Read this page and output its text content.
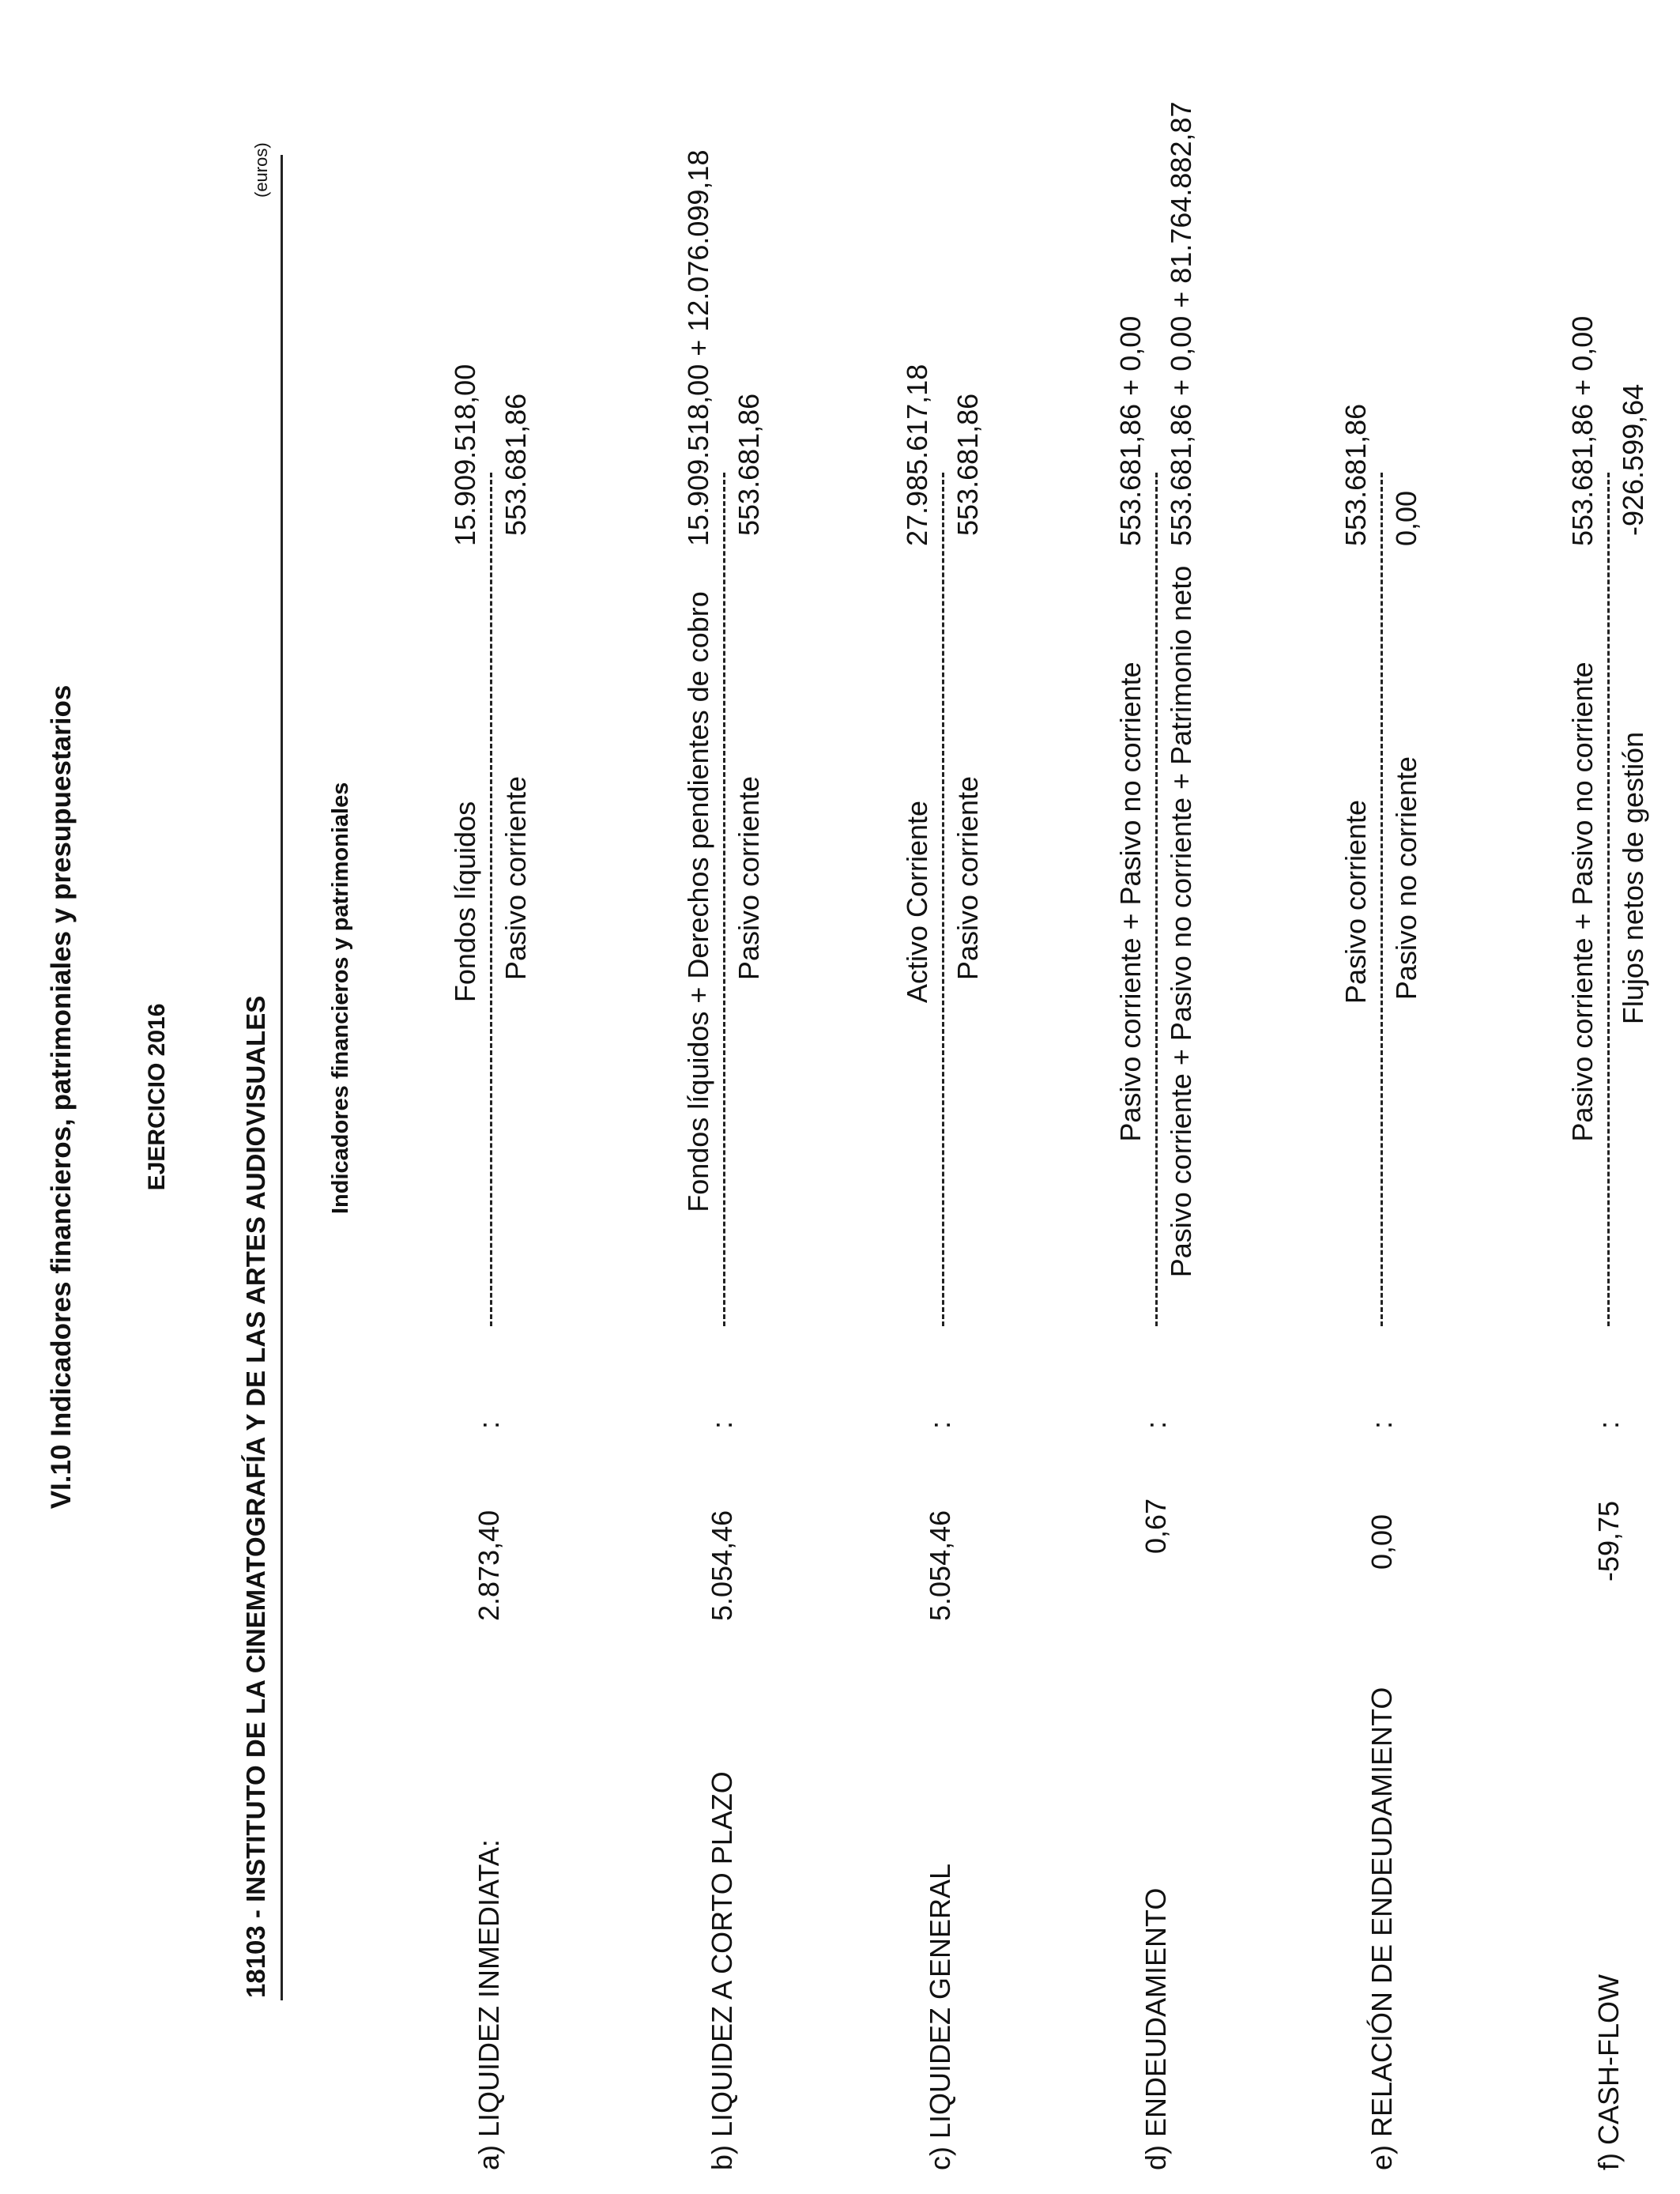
VI.10 Indicadores financieros, patrimoniales y presupuestarios	EJERCICIO 2016	18103 - INSTITUTO DE LA CINEMATOGRAFÍA Y DE LAS ARTES AUDIOVISUALES
(euros)
Indicadores financieros y patrimoniales
a) LIQUIDEZ INMEDIATA:
2.873,40
:
Fondos líquidos Pasivo corriente
15.909.518,00 553.681,86
b) LIQUIDEZ A CORTO PLAZO
5.054,46
:
Fondos líquidos + Derechos pendientes de cobro Pasivo corriente
15.909.518,00 + 12.076.099,18 553.681,86
c) LIQUIDEZ GENERAL
5.054,46
:
Activo Corriente Pasivo corriente
27.985.617,18 553.681,86
d) ENDEUDAMIENTO
0,67
:
Pasivo corriente + Pasivo no corriente Pasivo corriente + Pasivo no corriente + Patrimonio neto
553.681,86 + 0,00 553.681,86 + 0,00 + 81.764.882,87
e) RELACIÓN DE ENDEUDAMIENTO
0,00
:
Pasivo corriente Pasivo no corriente
553.681,86 0,00
f) CASH-FLOW
-59,75
:
Pasivo corriente + Pasivo no corriente Flujos netos de gestión
553.681,86 + 0,00 -926.599,64
